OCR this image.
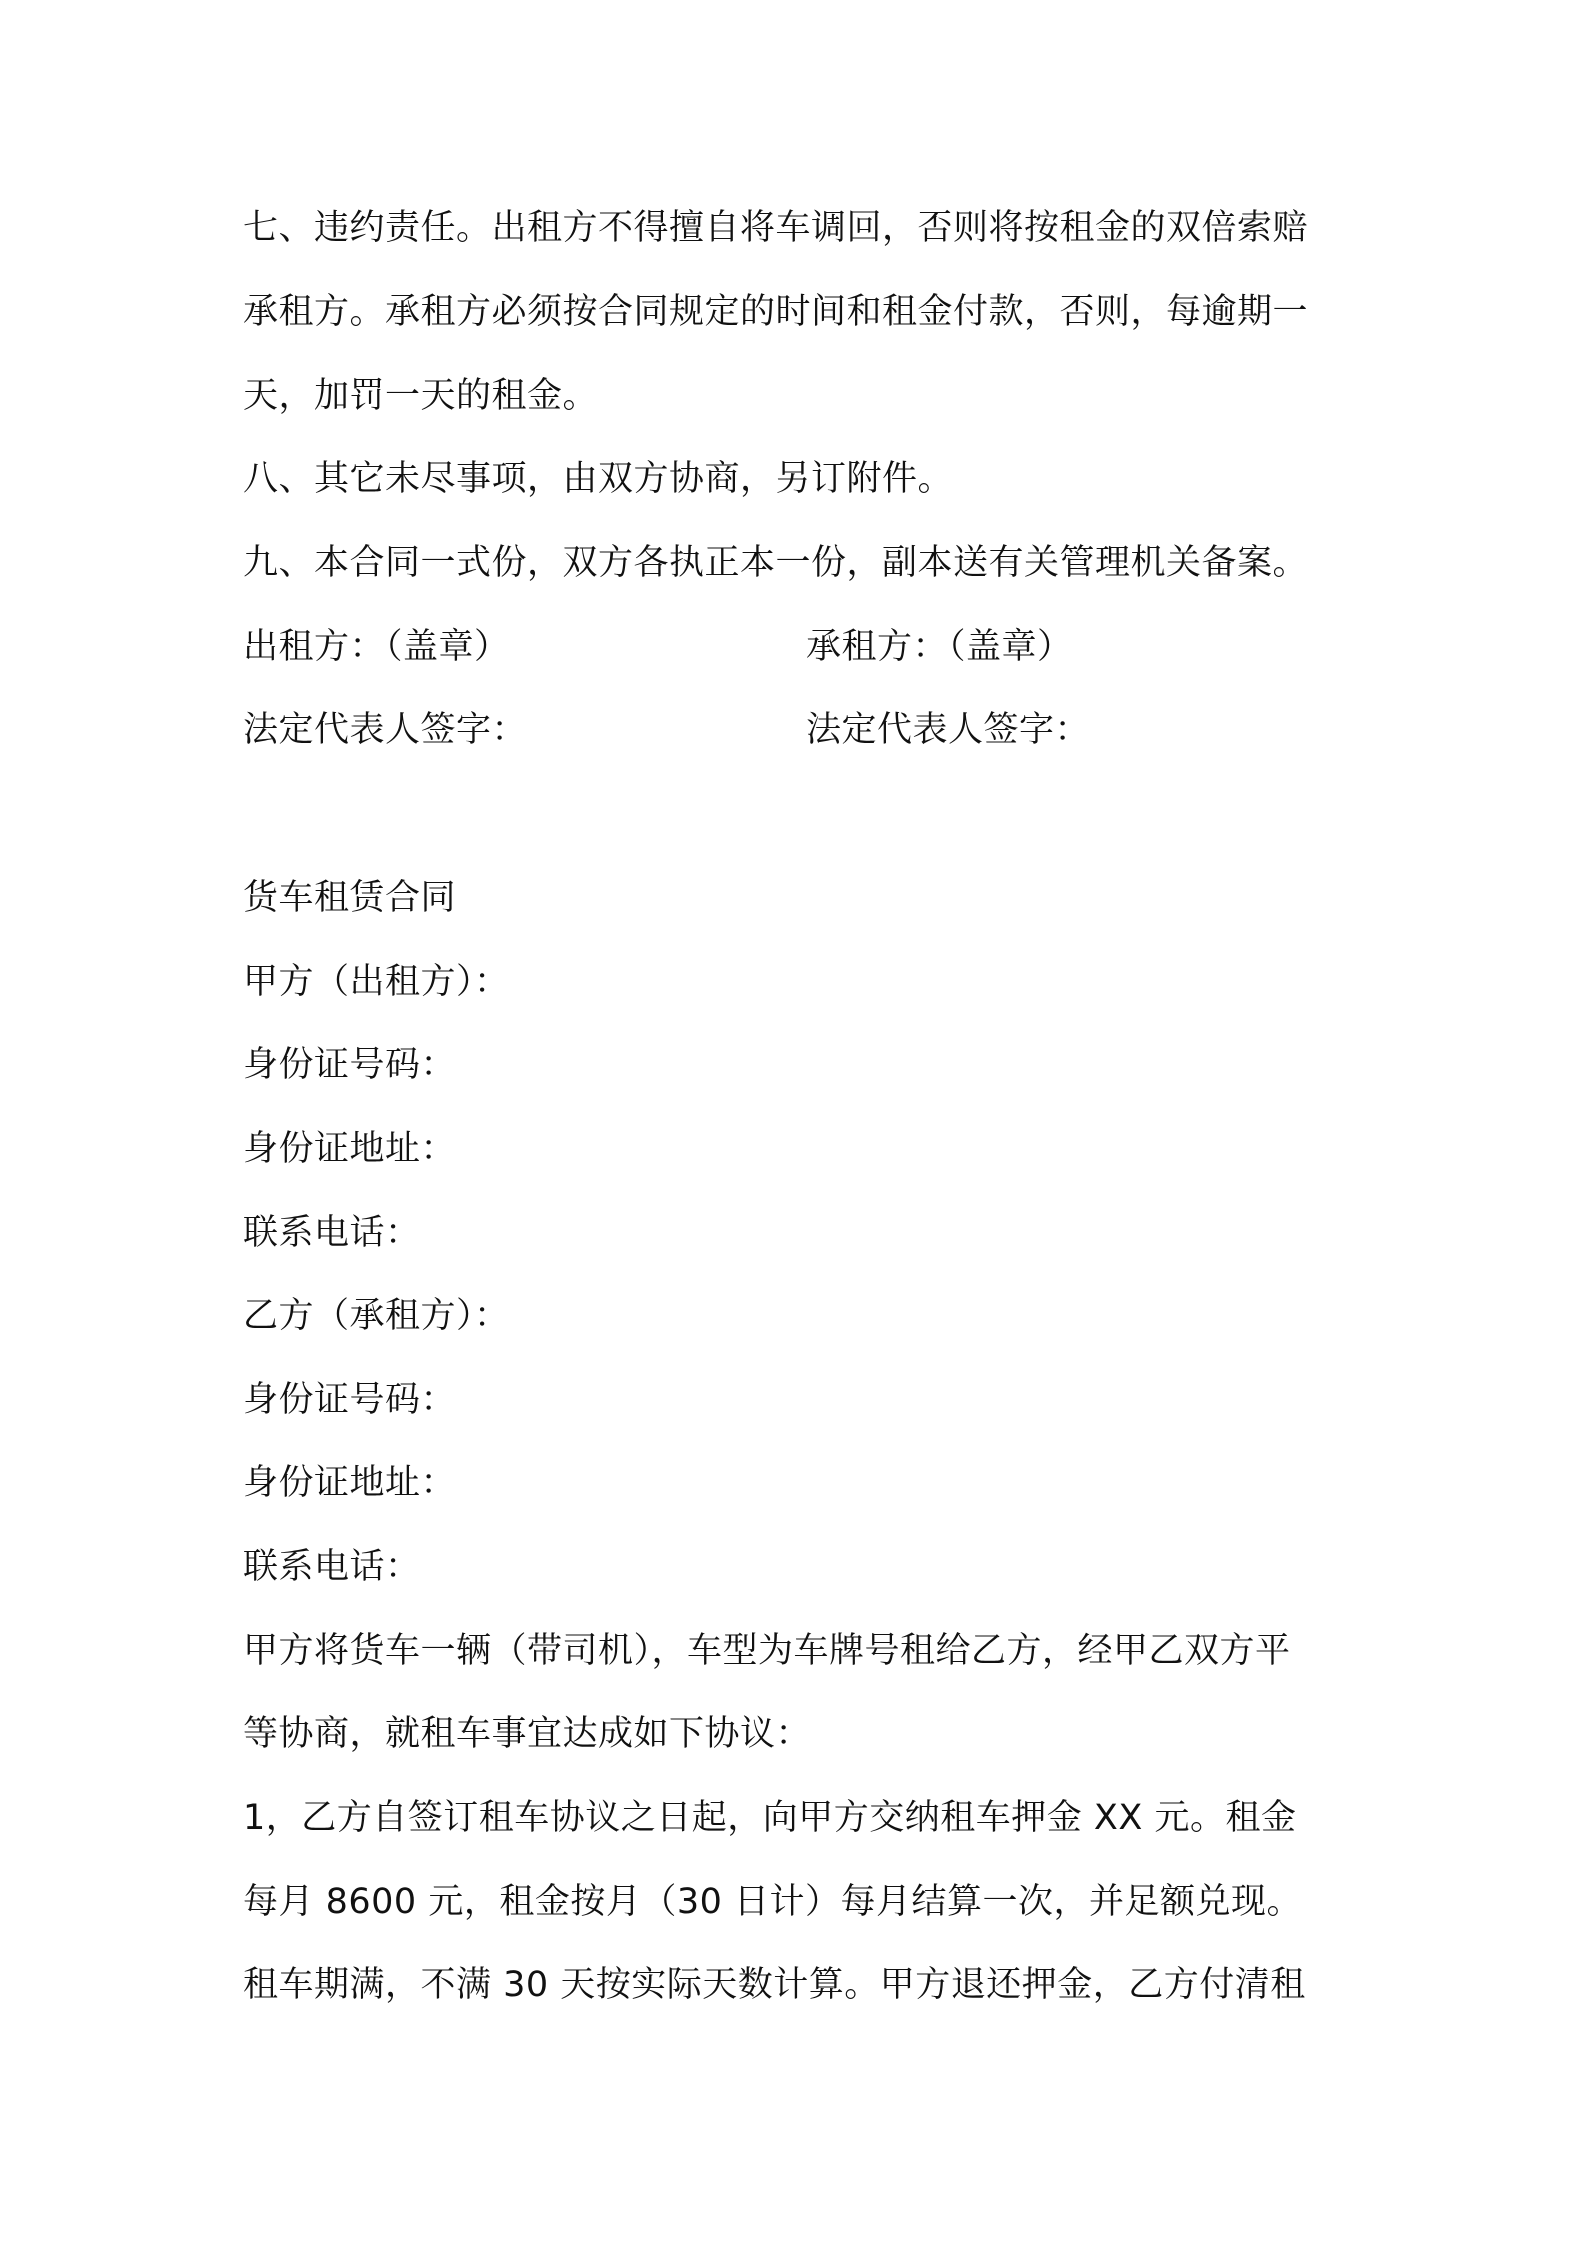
七、违约责任。出租方不得擅自将车调回，否则将按租金的双倍索赔
承租方。承租方必须按合同规定的时间和租金付款，否则，每逾期一
天，加罚一天的租金。
八、其它未尽事项，由双方协商，另订附件。
九、本合同一式份，双方各执正本一份，副本送有关管理机关备案。
出租方：（盖章）	承租方：（盖章）
法定代表人签字：	法定代表人签字：
货车租赁合同
甲方（出租方）：
身份证号码：
身份证地址：
联系电话：
乙方（承租方）：
身份证号码：
身份证地址：
联系电话：
甲方将货车一辆（带司机），车型为车牌号租给乙方，经甲乙双方平
等协商，就租车事宜达成如下协议：
1，乙方自签订租车协议之日起，向甲方交纳租车押金 XX 元。租金
每月 8600 元，租金按月（30 日计）每月结算一次，并足额兑现。
租车期满，不满 30 天按实际天数计算。甲方退还押金，乙方付清租
